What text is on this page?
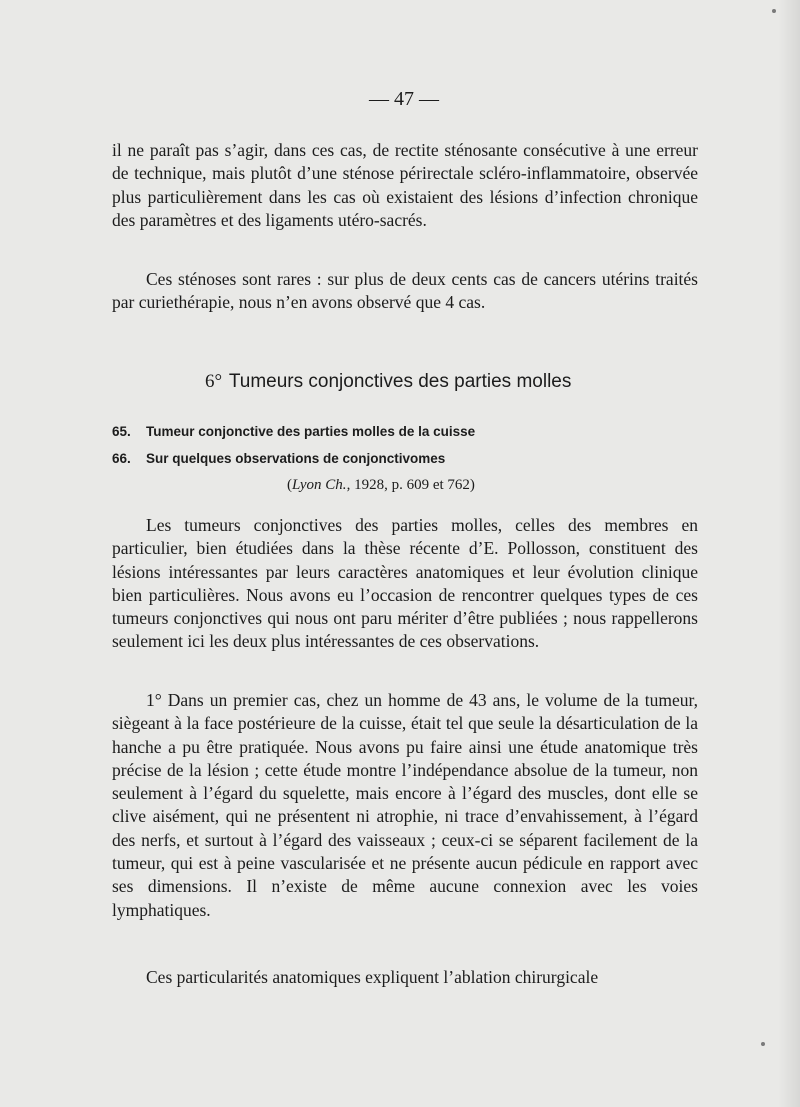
— 47 —

il ne paraît pas s’agir, dans ces cas, de rectite sténosante consécutive à une erreur de technique, mais plutôt d’une sténose périrectale scléro-inflammatoire, observée plus particulièrement dans les cas où existaient des lésions d’infection chronique des paramètres et des ligaments utéro-sacrés.

Ces sténoses sont rares : sur plus de deux cents cas de cancers utérins traités par curiethérapie, nous n’en avons observé que 4 cas.

6° Tumeurs conjonctives des parties molles
65. Tumeur conjonctive des parties molles de la cuisse
66. Sur quelques observations de conjonctivomes
(Lyon Ch., 1928, p. 609 et 762)

Les tumeurs conjonctives des parties molles, celles des membres en particulier, bien étudiées dans la thèse récente d’E. Pollosson, constituent des lésions intéressantes par leurs caractères anatomiques et leur évolution clinique bien particulières. Nous avons eu l’occasion de rencontrer quelques types de ces tumeurs conjonctives qui nous ont paru mériter d’être publiées ; nous rappellerons seulement ici les deux plus intéressantes de ces observations.

1° Dans un premier cas, chez un homme de 43 ans, le volume de la tumeur, siègeant à la face postérieure de la cuisse, était tel que seule la désarticulation de la hanche a pu être pratiquée. Nous avons pu faire ainsi une étude anatomique très précise de la lésion ; cette étude montre l’indépendance absolue de la tumeur, non seulement à l’égard du squelette, mais encore à l’égard des muscles, dont elle se clive aisément, qui ne présentent ni atrophie, ni trace d’envahissement, à l’égard des nerfs, et surtout à l’égard des vaisseaux ; ceux-ci se séparent facilement de la tumeur, qui est à peine vascularisée et ne présente aucun pédicule en rapport avec ses dimensions. Il n’existe de même aucune connexion avec les voies lymphatiques.

Ces particularités anatomiques expliquent l’ablation chirurgicale
